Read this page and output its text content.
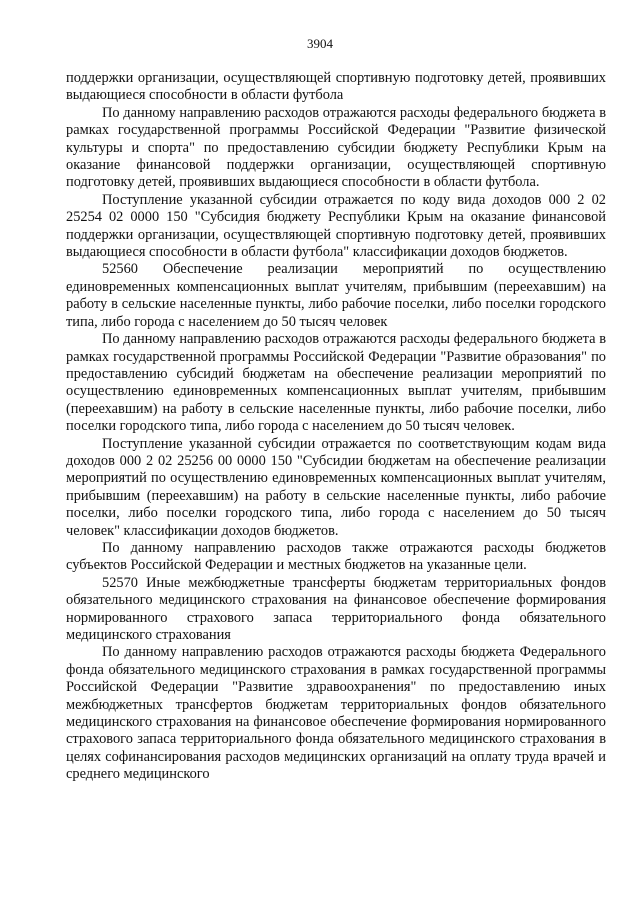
3904

поддержки организации, осуществляющей спортивную подготовку детей, проявивших выдающиеся способности в области футбола

По данному направлению расходов отражаются расходы федерального бюджета в рамках государственной программы Российской Федерации "Развитие физической культуры и спорта" по предоставлению субсидии бюджету Республики Крым на оказание финансовой поддержки организации, осуществляющей спортивную подготовку детей, проявивших выдающиеся способности в области футбола.

Поступление указанной субсидии отражается по коду вида доходов 000 2 02 25254 02 0000 150 "Субсидия бюджету Республики Крым на оказание финансовой поддержки организации, осуществляющей спортивную подготовку детей, проявивших выдающиеся способности в области футбола" классификации доходов бюджетов.

52560 Обеспечение реализации мероприятий по осуществлению единовременных компенсационных выплат учителям, прибывшим (переехавшим) на работу в сельские населенные пункты, либо рабочие поселки, либо поселки городского типа, либо города с населением до 50 тысяч человек

По данному направлению расходов отражаются расходы федерального бюджета в рамках государственной программы Российской Федерации "Развитие образования" по предоставлению субсидий бюджетам на обеспечение реализации мероприятий по осуществлению единовременных компенсационных выплат учителям, прибывшим (переехавшим) на работу в сельские населенные пункты, либо рабочие поселки, либо поселки городского типа, либо города с населением до 50 тысяч человек.

Поступление указанной субсидии отражается по соответствующим кодам вида доходов 000 2 02 25256 00 0000 150 "Субсидии бюджетам на обеспечение реализации мероприятий по осуществлению единовременных компенсационных выплат учителям, прибывшим (переехавшим) на работу в сельские населенные пункты, либо рабочие поселки, либо поселки городского типа, либо города с населением до 50 тысяч человек" классификации доходов бюджетов.

По данному направлению расходов также отражаются расходы бюджетов субъектов Российской Федерации и местных бюджетов на указанные цели.

52570 Иные межбюджетные трансферты бюджетам территориальных фондов обязательного медицинского страхования на финансовое обеспечение формирования нормированного страхового запаса территориального фонда обязательного медицинского страхования

По данному направлению расходов отражаются расходы бюджета Федерального фонда обязательного медицинского страхования в рамках государственной программы Российской Федерации "Развитие здравоохранения" по предоставлению иных межбюджетных трансфертов бюджетам территориальных фондов обязательного медицинского страхования на финансовое обеспечение формирования нормированного страхового запаса территориального фонда обязательного медицинского страхования в целях софинансирования расходов медицинских организаций на оплату труда врачей и среднего медицинского
